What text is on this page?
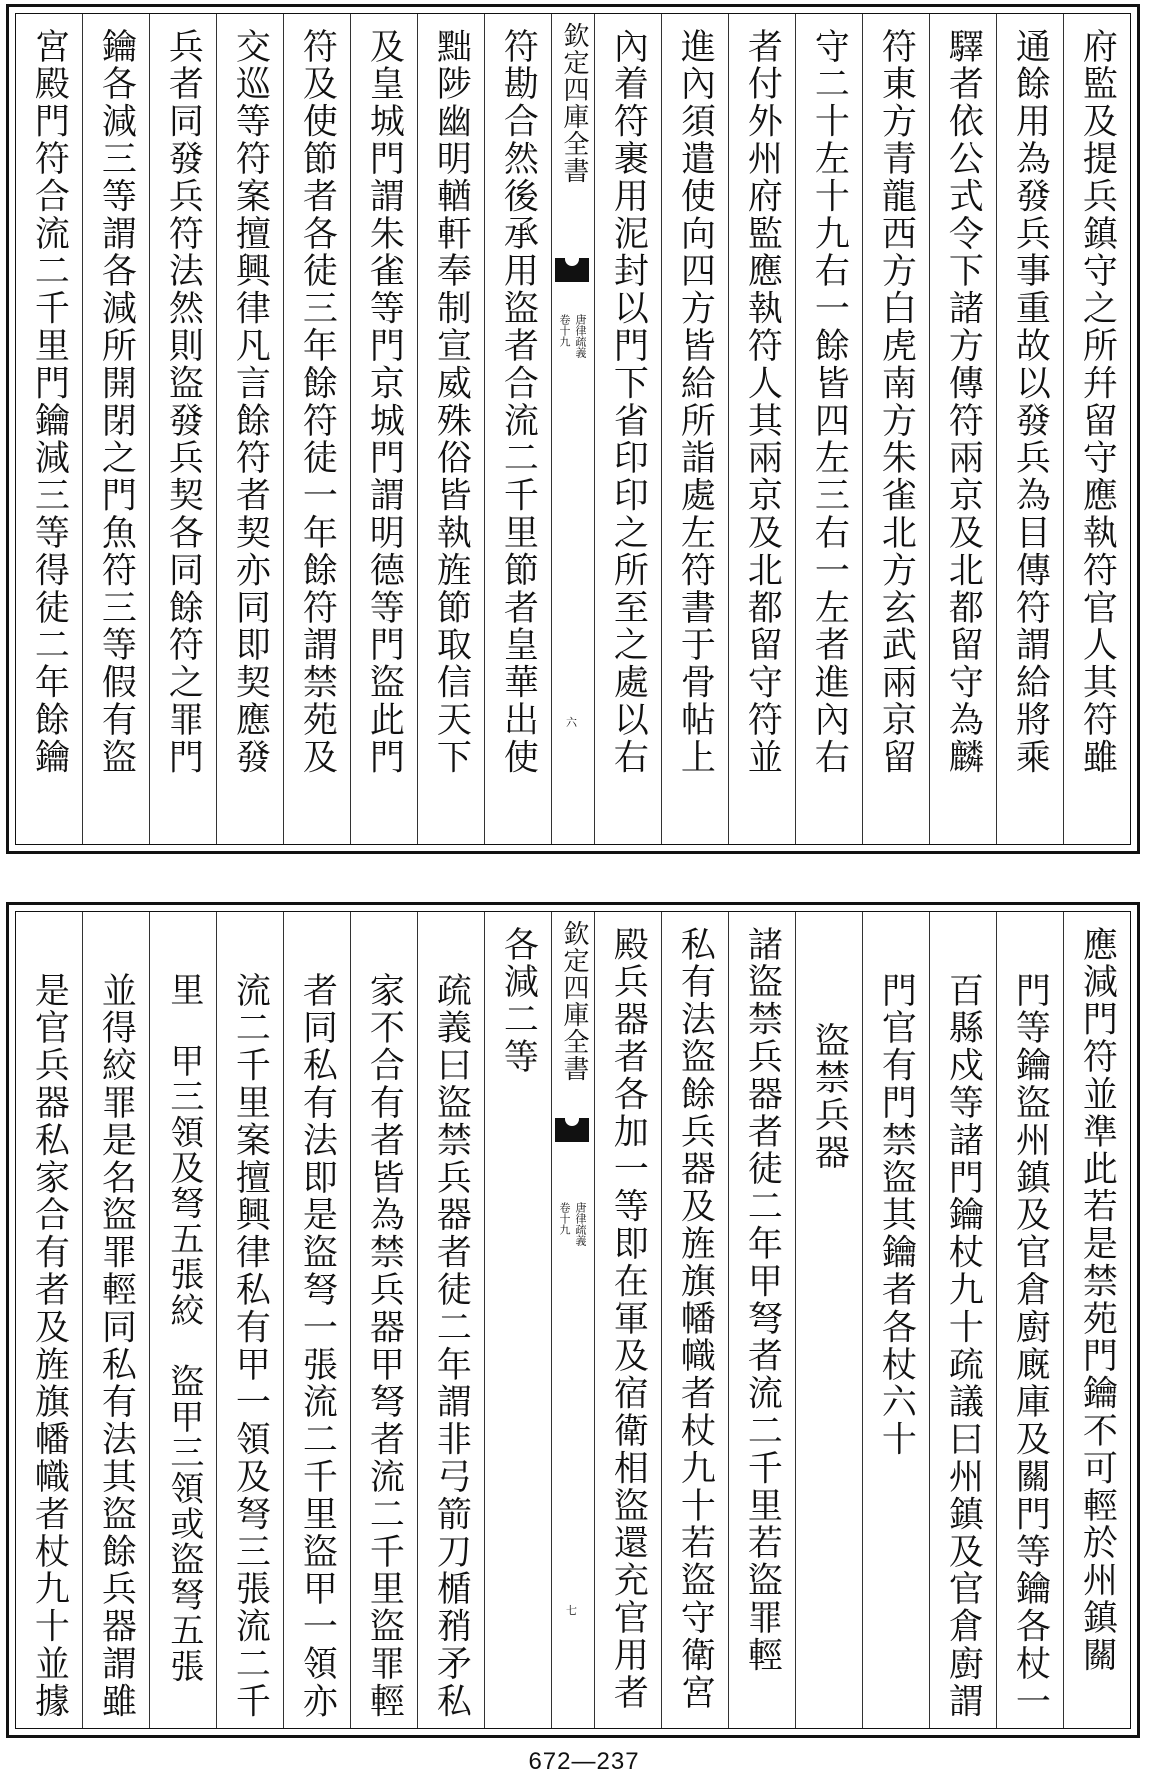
府監及提兵鎮守之所幷留守應執符官人其符雖
通餘用為發兵事重故以發兵為目傳符謂給將乘
驛者依公式令下諸方傳符兩京及北都留守為麟
符東方青龍西方白虎南方朱雀北方玄武兩京留
守二十左十九右一餘皆四左三右一左者進內右
者付外州府監應執符人其兩京及北都留守符並
進內須遣使向四方皆給所詣處左符書于骨帖上
內着符裹用泥封以門下省印印之所至之處以右
欽定四庫全書
唐律疏義
卷十九
六
符勘合然後承用盜者合流二千里節者皇華出使
黜陟幽明輶軒奉制宣威殊俗皆執旌節取信天下
及皇城門謂朱雀等門京城門謂明德等門盜此門
符及使節者各徒三年餘符徒一年餘符謂禁苑及
交巡等符案擅興律凡言餘符者契亦同即契應發
兵者同發兵符法然則盜發兵契各同餘符之罪門
鑰各減三等謂各減所開閉之門魚符三等假有盜
宮殿門符合流二千里門鑰減三等得徒二年餘鑰
應減門符並準此若是禁苑門鑰不可輕於州鎮關
門等鑰盜州鎮及官倉廚廐庫及關門等鑰各杖一
百縣戍等諸門鑰杖九十疏議曰州鎮及官倉廚謂
門官有門禁盜其鑰者各杖六十
盜禁兵器
諸盜禁兵器者徒二年甲弩者流二千里若盜罪輕
私有法盜餘兵器及旌旗幡幟者杖九十若盜守衛宮
殿兵器者各加一等即在軍及宿衛相盜還充官用者
欽定四庫全書
唐律疏義
卷十九
七
各減二等
疏義曰盜禁兵器者徒二年謂非弓箭刀楯矟矛私
家不合有者皆為禁兵器甲弩者流二千里盜罪輕
者同私有法即是盜弩一張流二千里盜甲一領亦
流二千里案擅興律私有甲一領及弩三張流二千
里　甲三領及弩五張絞　盜甲三領或盜弩五張
並得絞罪是名盜罪輕同私有法其盜餘兵器謂雖
是官兵器私家合有者及旌旗幡幟者杖九十並據
672—237
